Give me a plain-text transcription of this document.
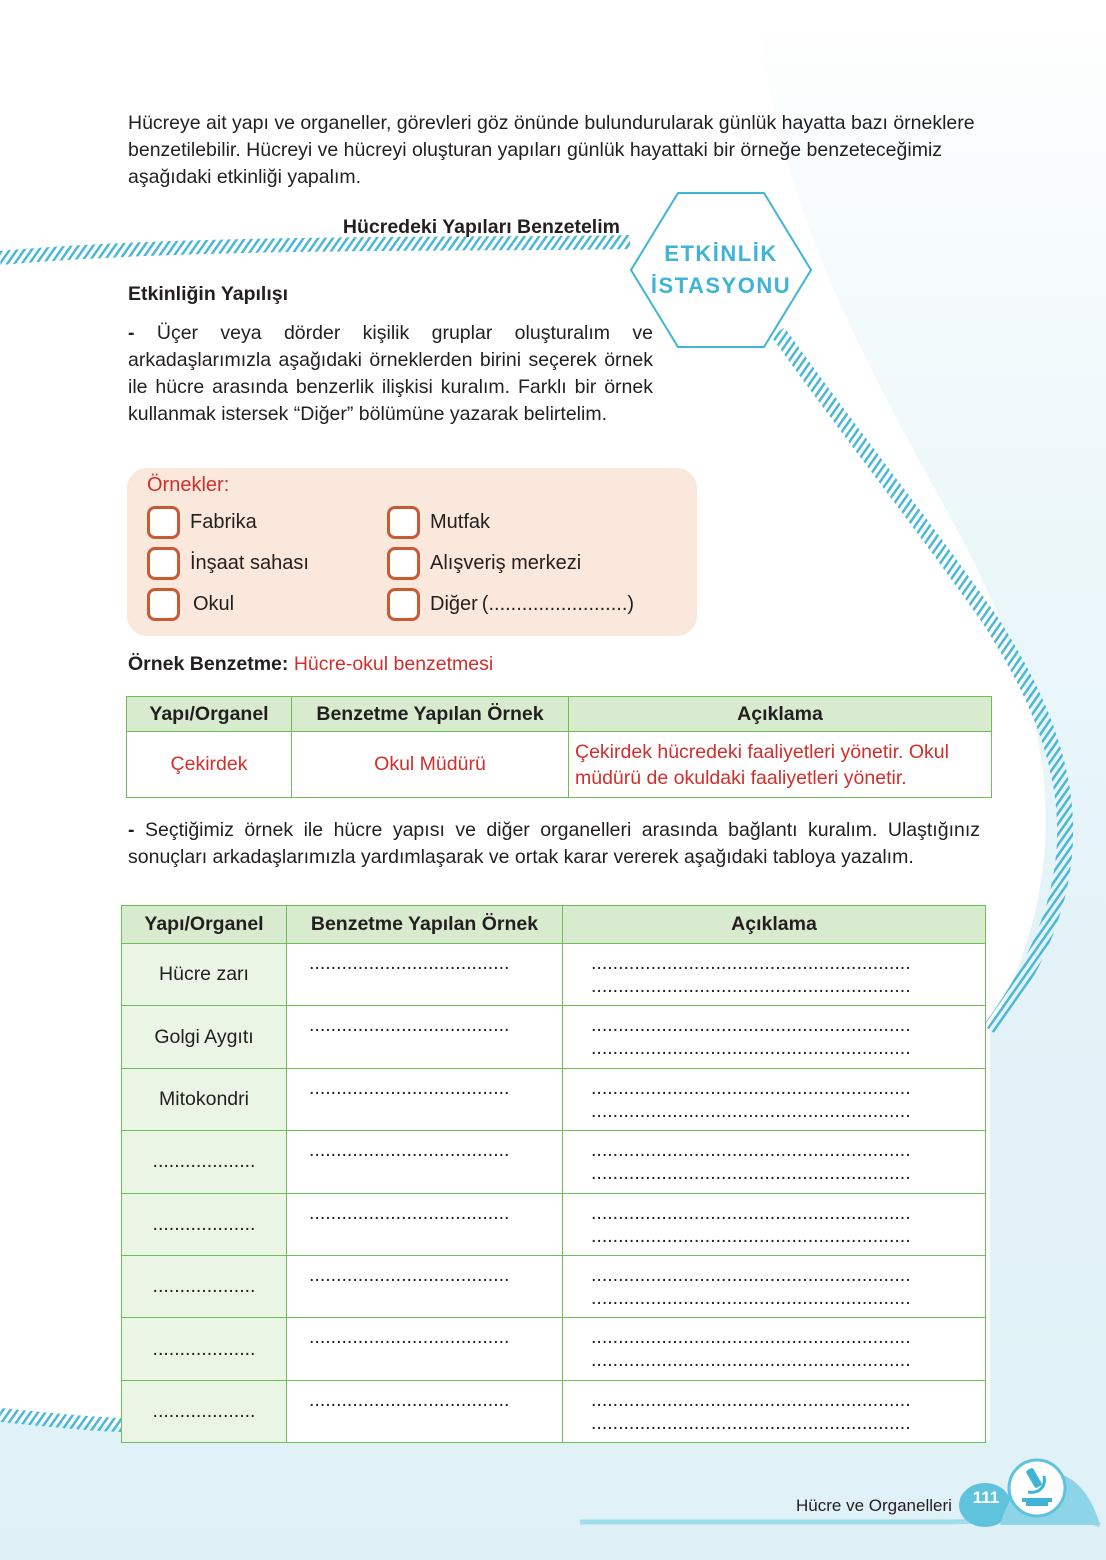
Hücreye ait yapı ve organeller, görevleri göz önünde bulundurularak günlük hayatta bazı örneklere benzetilebilir. Hücreyi ve hücreyi oluşturan yapıları günlük hayattaki bir örneğe benzeteceğimiz aşağıdaki etkinliği yapalım.
Hücredeki Yapıları Benzetelim
ETKİNLİK
İSTASYONU
Etkinliğin Yapılışı
- Üçer veya dörder kişilik gruplar oluşturalım ve arkadaşlarımızla aşağıdaki örneklerden birini seçerek örnek ile hücre arasında benzerlik ilişkisi kuralım. Farklı bir örnek kullanmak istersek “Diğer” bölümüne yazarak belirtelim.
Örnekler:
Fabrika	Mutfak
İnşaat sahası	Alışveriş merkezi
Okul	Diğer (.........................)
Örnek Benzetme: Hücre-okul benzetmesi
Yapı/Organel	Benzetme Yapılan Örnek	Açıklama
Çekirdek	Okul Müdürü	Çekirdek hücredeki faaliyetleri yönetir. Okul müdürü de okuldaki faaliyetleri yönetir.
- Seçtiğimiz örnek ile hücre yapısı ve diğer organelleri arasında bağlantı kuralım. Ulaştığınız sonuçları arkadaşlarımızla yardımlaşarak ve ortak karar vererek aşağıdaki tabloya yazalım.
Yapı/Organel	Benzetme Yapılan Örnek	Açıklama
Hücre zarı	.....................................	...........................................................
...........................................................

Golgi Aygıtı	.....................................	...........................................................
...........................................................

Mitokondri	.....................................	...........................................................
...........................................................

...................	.....................................	...........................................................
...........................................................

...................	.....................................	...........................................................
...........................................................

...................	.....................................	...........................................................
...........................................................

...................	.....................................	...........................................................
...........................................................

...................	.....................................	...........................................................
...........................................................
Hücre ve Organelleri	111
